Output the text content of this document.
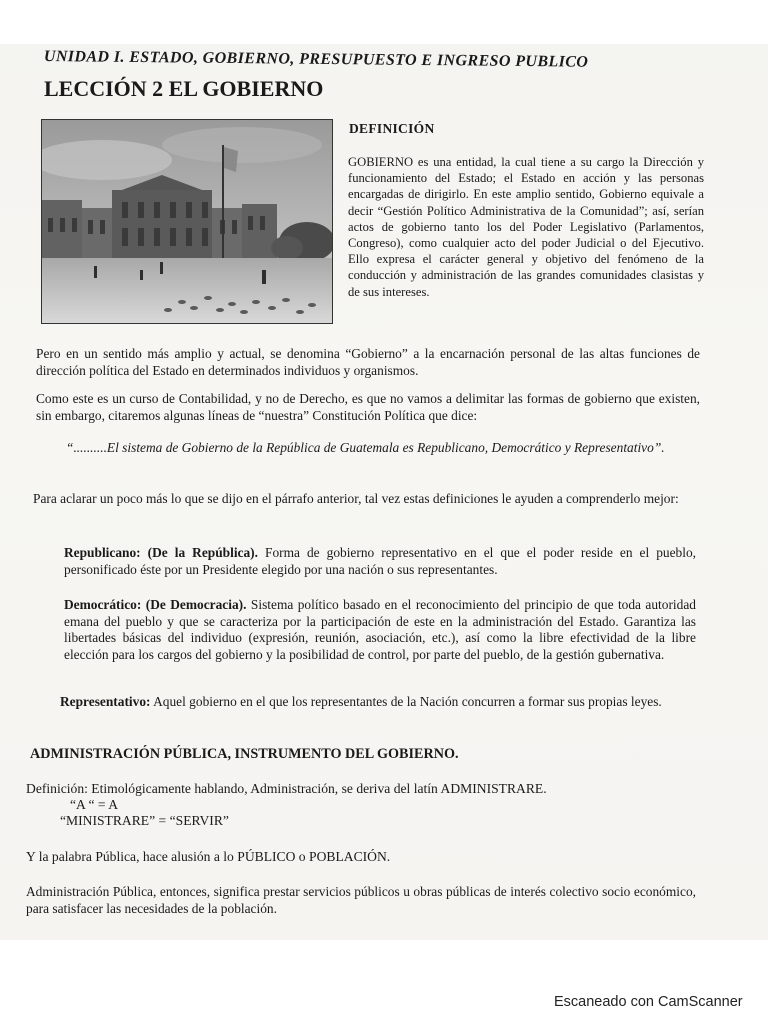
UNIDAD I. ESTADO, GOBIERNO, PRESUPUESTO E INGRESO PUBLICO
LECCIÓN 2 EL GOBIERNO
DEFINICIÓN
GOBIERNO es una entidad, la cual tiene a su cargo la Dirección y funcionamiento del Estado; el Estado en acción y las personas encargadas de dirigirlo. En este amplio sentido, Gobierno equivale a decir “Gestión Político Administrativa de la Comunidad”; así, serían actos de gobierno tanto los del Poder Legislativo (Parlamentos, Congreso), como cualquier acto del poder Judicial o del Ejecutivo. Ello expresa el carácter general y objetivo del fenómeno de la conducción y administración de las grandes comunidades clasistas y de sus intereses.
Pero en un sentido más amplio y actual, se denomina “Gobierno” a la encarnación personal de las altas funciones de dirección política del Estado en determinados individuos y organismos.
Como este es un curso de Contabilidad, y no de Derecho, es que no vamos a delimitar las formas de gobierno que existen, sin embargo, citaremos algunas líneas de “nuestra” Constitución Política que dice:
“..........El sistema de Gobierno de la República de Guatemala es Republicano, Democrático y Representativo”.
Para aclarar un poco más lo que se dijo en el párrafo anterior, tal vez estas definiciones le ayuden a comprenderlo mejor:
Republicano: (De la República). Forma de gobierno representativo en el que el poder reside en el pueblo, personificado éste por un Presidente elegido por una nación o sus representantes.
Democrático: (De Democracia). Sistema político basado en el reconocimiento del principio de que toda autoridad emana del pueblo y que se caracteriza por la participación de este en la administración del Estado. Garantiza las libertades básicas del individuo (expresión, reunión, asociación, etc.), así como la libre efectividad de la libre elección para los cargos del gobierno y la posibilidad de control, por parte del pueblo, de la gestión gubernativa.
Representativo: Aquel gobierno en el que los representantes de la Nación concurren a formar sus propias leyes.
ADMINISTRACIÓN PÚBLICA, INSTRUMENTO DEL GOBIERNO.
Definición: Etimológicamente hablando, Administración, se deriva del latín ADMINISTRARE.
“A “ = A
“MINISTRARE” = “SERVIR”
Y la palabra Pública, hace alusión a lo PÚBLICO o POBLACIÓN.
Administración Pública, entonces, significa prestar servicios públicos u obras públicas de interés colectivo socio económico, para satisfacer las necesidades de la población.
Escaneado con CamScanner
